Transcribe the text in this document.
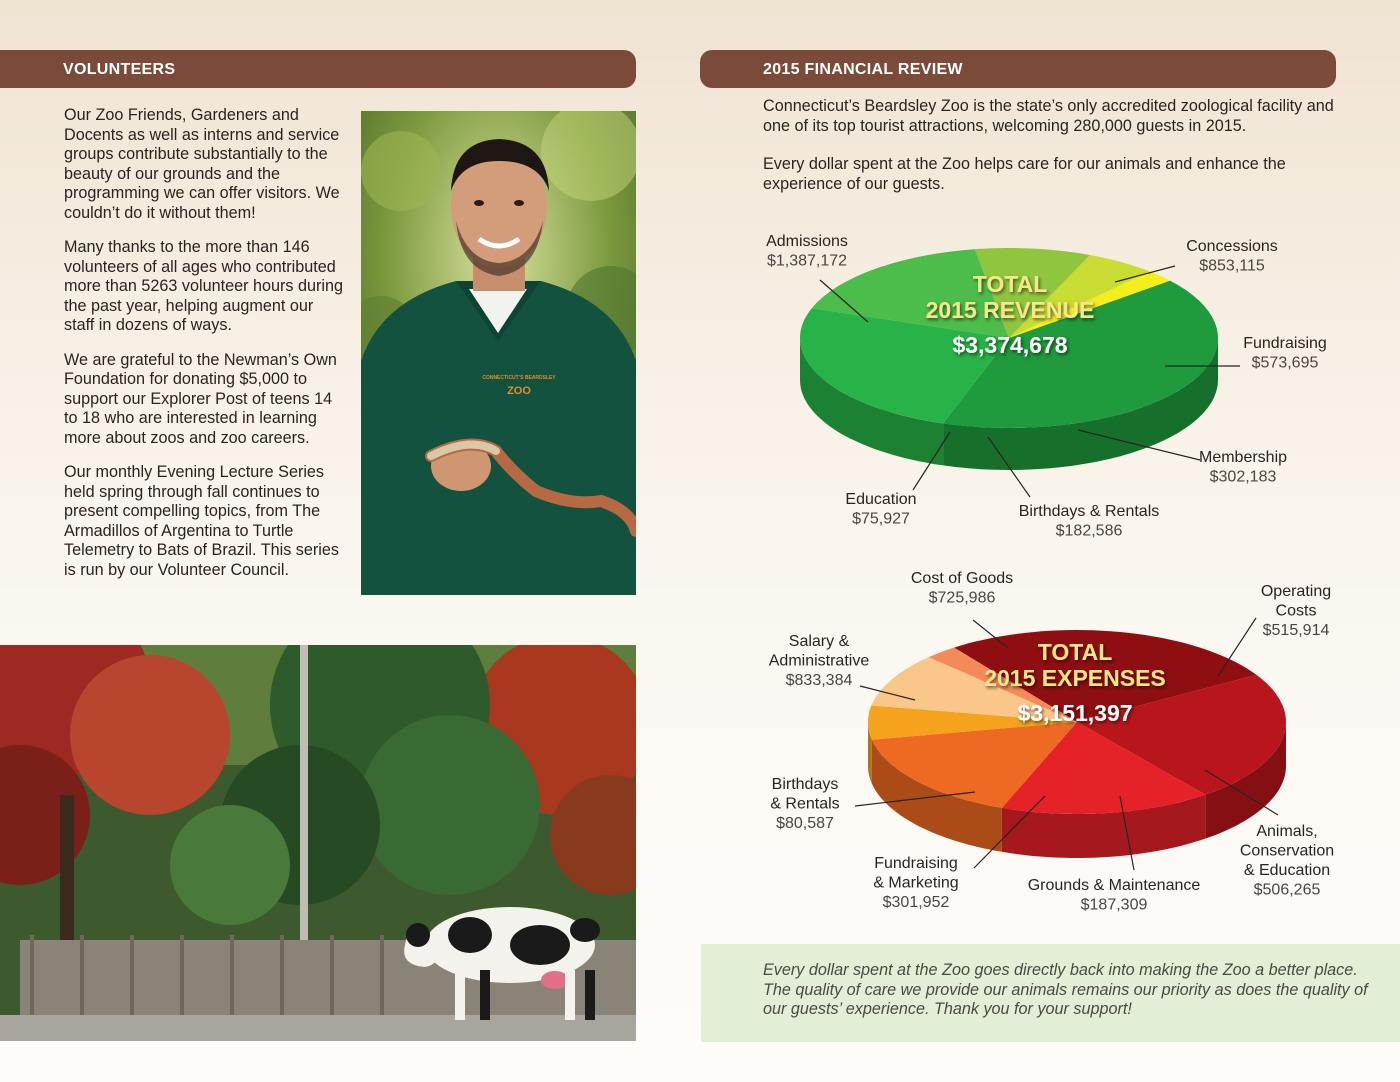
VOLUNTEERS

Our Zoo Friends, Gardeners and Docents as well as interns and service groups contribute substantially to the beauty of our grounds and the programming we can offer visitors. We couldn’t do it without them!

Many thanks to the more than 146 volunteers of all ages who contributed more than 5263 volunteer hours during the past year, helping augment our staff in dozens of ways.

We are grateful to the Newman’s Own Foundation for donating $5,000 to support our Explorer Post of teens 14 to 18 who are interested in learning more about zoos and zoo careers.

Our monthly Evening Lecture Series held spring through fall continues to present compelling topics, from The Armadillos of Argentina to Turtle Telemetry to Bats of Brazil. This series is run by our Volunteer Council.

CONNECTICUT’S BEARDSLEY
ZOO
2015 FINANCIAL REVIEW

Connecticut’s Beardsley Zoo is the state’s only accredited zoological facility and one of its top tourist attractions, welcoming 280,000 guests in 2015.

Every dollar spent at the Zoo helps care for our animals and enhance the experience of our guests.

Admissions $1,387,172
Concessions $853,115
Fundraising $573,695
Membership $302,183
Birthdays & Rentals $182,586
Education $75,927
TOTAL
2015 REVENUE
$3,374,678
Salary & Administrative $833,384
Cost of Goods $725,986	Operating Costs $515,914
Animals, Conservation & Education $506,265
Grounds & Maintenance $187,309
Fundraising & Marketing $301,952
Birthdays & Rentals $80,587
TOTAL
2015 EXPENSES
$3,151,397
Every dollar spent at the Zoo goes directly back into making the Zoo a better place. The quality of care we provide our animals remains our priority as does the quality of our guests’ experience. Thank you for your support!
